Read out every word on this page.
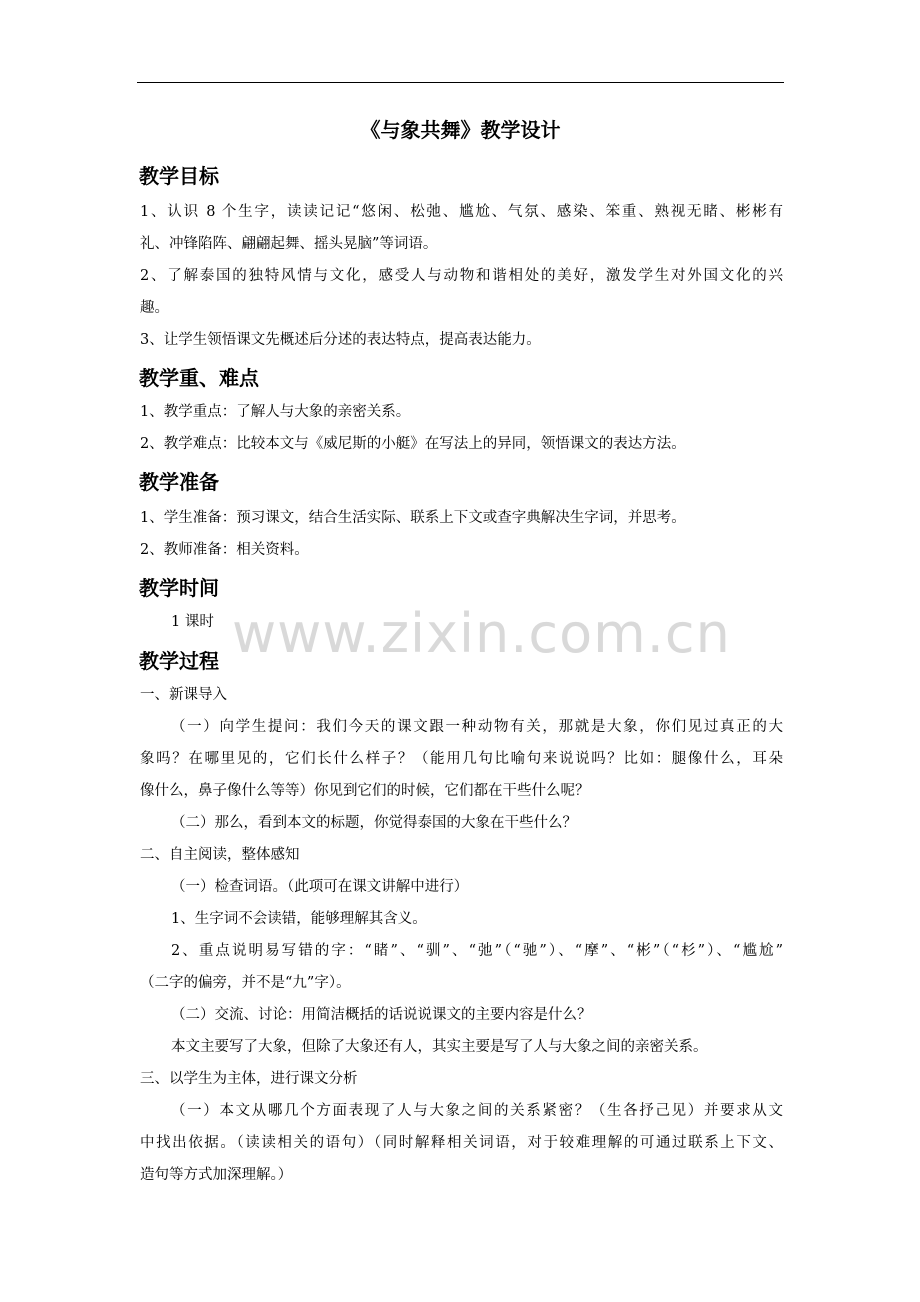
www.zixin.com.cn
《与象共舞》教学设计
教学目标
1、认识 8 个生字，读读记记“悠闲、松弛、尴尬、气氛、感染、笨重、熟视无睹、彬彬有
礼、冲锋陷阵、翩翩起舞、摇头晃脑”等词语。
2、了解泰国的独特风情与文化，感受人与动物和谐相处的美好，激发学生对外国文化的兴
趣。
3、让学生领悟课文先概述后分述的表达特点，提高表达能力。
教学重、难点
1、教学重点：了解人与大象的亲密关系。
2、教学难点：比较本文与《威尼斯的小艇》在写法上的异同，领悟课文的表达方法。
教学准备
1、学生准备：预习课文，结合生活实际、联系上下文或查字典解决生字词，并思考。
2、教师准备：相关资料。
教学时间
1 课时
教学过程
一、新课导入
（一）向学生提问：我们今天的课文跟一种动物有关，那就是大象，你们见过真正的大
象吗？在哪里见的，它们长什么样子？（能用几句比喻句来说说吗？比如：腿像什么，耳朵
像什么，鼻子像什么等等）你见到它们的时候，它们都在干些什么呢？
（二）那么，看到本文的标题，你觉得泰国的大象在干些什么？
二、自主阅读，整体感知
（一）检查词语。（此项可在课文讲解中进行）
1、生字词不会读错，能够理解其含义。
2、重点说明易写错的字：“睹”、“驯”、“弛”（“驰”）、“摩”、“彬”（“杉”）、“尴尬”
（二字的偏旁，并不是“九”字）。
（二）交流、讨论：用简洁概括的话说说课文的主要内容是什么？
本文主要写了大象，但除了大象还有人，其实主要是写了人与大象之间的亲密关系。
三、以学生为主体，进行课文分析
（一）本文从哪几个方面表现了人与大象之间的关系紧密？（生各抒己见）并要求从文
中找出依据。（读读相关的语句）（同时解释相关词语，对于较难理解的可通过联系上下文、
造句等方式加深理解。）
